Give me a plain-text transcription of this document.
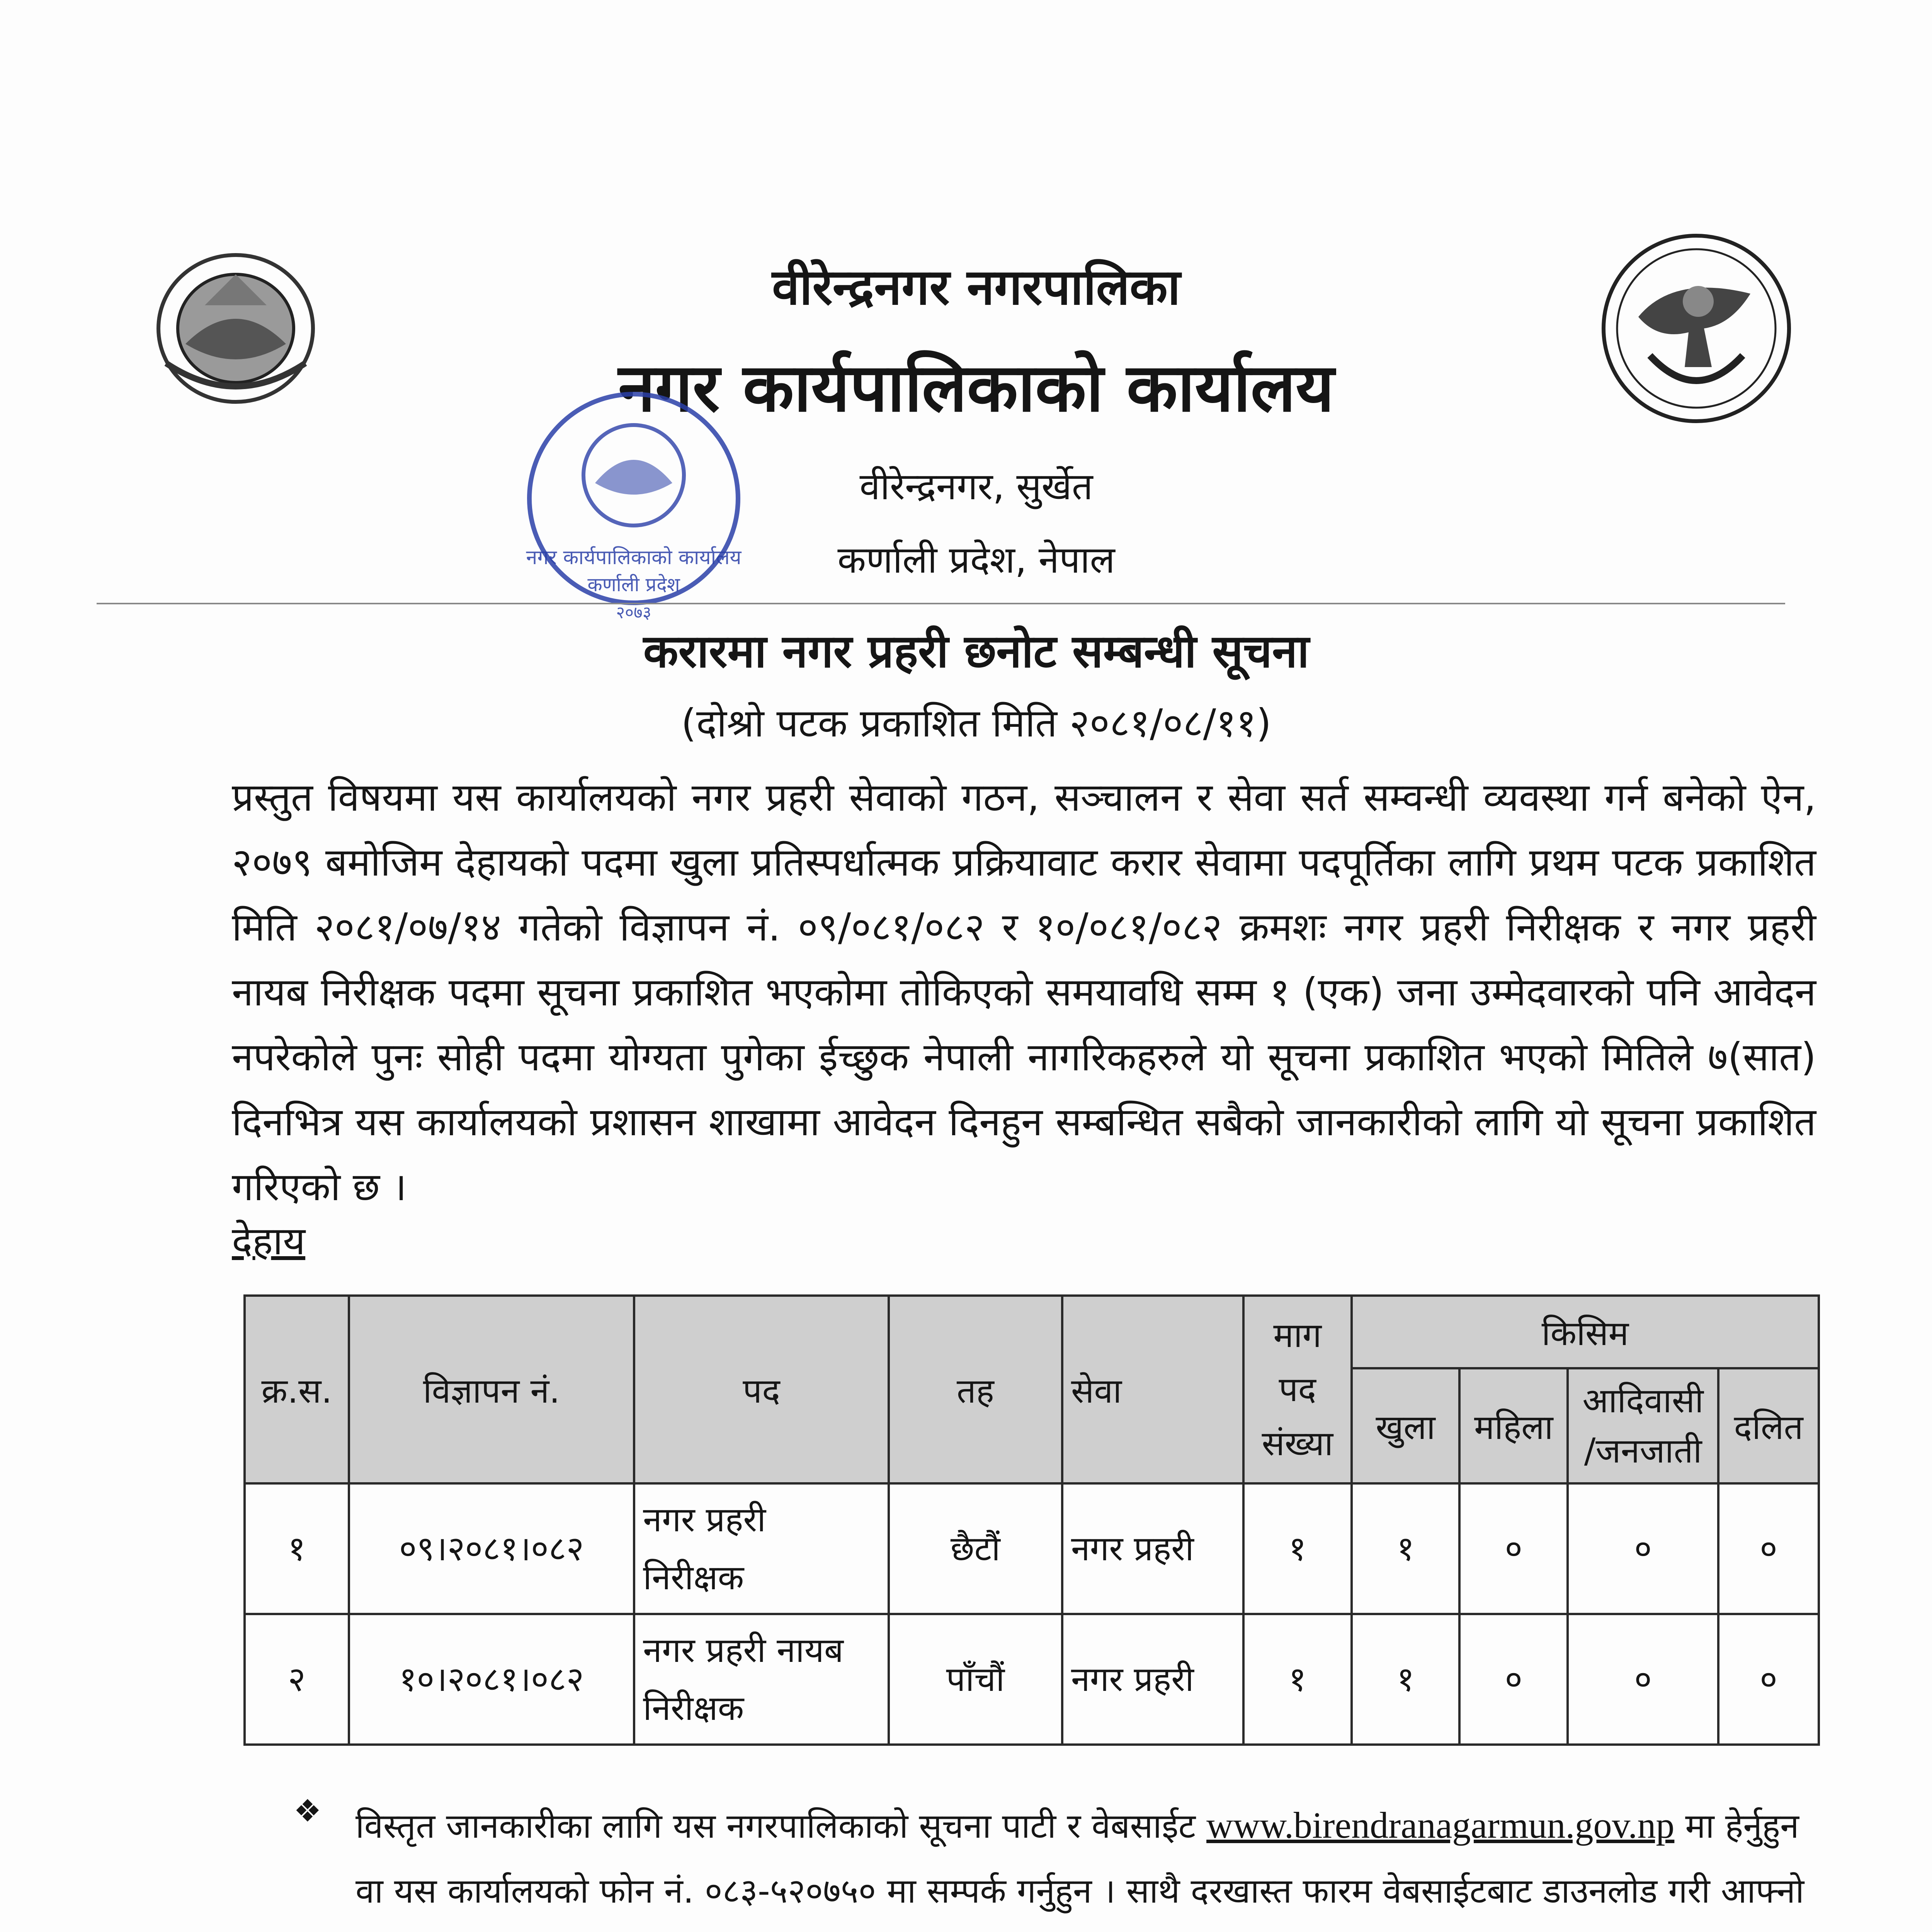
वीरेन्द्रनगर नगरपालिका
नगर कार्यपालिकाको कार्यालय
वीरेन्द्रनगर, सुर्खेत
कर्णाली प्रदेश, नेपाल
नगर कार्यपालिकाको कार्यालय
कर्णाली प्रदेश
२०७३
करारमा नगर प्रहरी छनोट सम्बन्धी सूचना
(दोश्रो पटक प्रकाशित मिति २०८१/०८/११)
प्रस्तुत विषयमा यस कार्यालयको नगर प्रहरी सेवाको गठन, सञ्चालन र सेवा सर्त सम्वन्धी व्यवस्था गर्न बनेको ऐन, २०७९ बमोजिम देहायको पदमा खुला प्रतिस्पर्धात्मक प्रक्रियावाट करार सेवामा पदपूर्तिका लागि प्रथम पटक प्रकाशित मिति २०८१/०७/१४ गतेको विज्ञापन नं. ०९/०८१/०८२ र १०/०८१/०८२ क्रमशः नगर प्रहरी निरीक्षक र नगर प्रहरी नायब निरीक्षक पदमा सूचना प्रकाशित भएकोमा तोकिएको समयावधि सम्म १ (एक) जना उम्मेदवारको पनि आवेदन नपरेकोले पुनः सोही पदमा योग्यता पुगेका ईच्छुक नेपाली नागरिकहरुले यो सूचना प्रकाशित भएको मितिले ७(सात) दिनभित्र यस कार्यालयको प्रशासन शाखामा आवेदन दिनहुन सम्बन्धित सबैको जानकारीको लागि यो सूचना प्रकाशित गरिएको छ ।
देहाय
क्र.स.	विज्ञापन नं.	पद	तह	सेवा	माग
पद
संख्या	किसिम			
						खुला	महिला	आदिवासी
/जनजाती	दलित
१	०९।२०८१।०८२	नगर प्रहरी
निरीक्षक	छैटौं	नगर प्रहरी	१	१	०	०	०
२	१०।२०८१।०८२	नगर प्रहरी नायब
निरीक्षक	पाँचौं	नगर प्रहरी	१	१	०	०	०
❖ विस्तृत जानकारीका लागि यस नगरपालिकाको सूचना पाटी र वेबसाईट www.birendranagarmun.gov.np मा हेर्नुहुन वा यस कार्यालयको फोन नं. ०८३-५२०७५० मा सम्पर्क गर्नुहुन । साथै दरखास्त फारम वेबसाईटबाट डाउनलोड गरी आफ्नो
